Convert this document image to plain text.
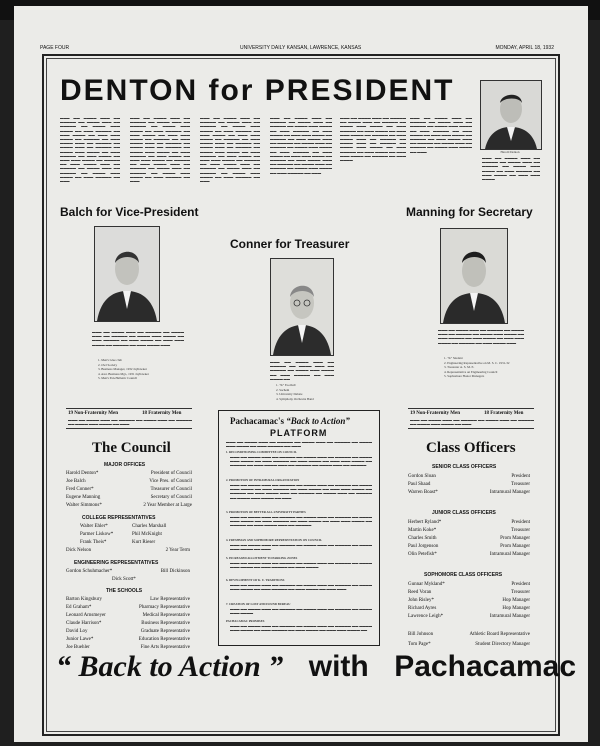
PAGE FOUR	UNIVERSITY DAILY KANSAN, LAWRENCE, KANSAS	MONDAY, APRIL 18, 1932
DENTON for PRESIDENT
▬▬▬ ▬▬ ▬▬▬▬ ▬▬▬ ▬▬ ▬▬▬▬▬ ▬▬ ▬▬▬▬ ▬▬▬ ▬▬ ▬▬▬▬▬ ▬▬ ▬▬▬▬ ▬▬▬ ▬▬▬▬ ▬▬ ▬▬▬ ▬▬▬▬▬ ▬▬ ▬▬▬ ▬▬▬▬ ▬▬ ▬▬▬ ▬▬▬ ▬▬▬▬ ▬▬ ▬▬▬▬▬ ▬▬ ▬▬▬ ▬▬▬▬ ▬▬▬ ▬▬ ▬▬▬▬▬ ▬▬ ▬▬▬▬ ▬▬▬ ▬▬ ▬▬▬▬▬ ▬▬ ▬▬▬▬ ▬▬▬ ▬▬▬▬ ▬▬ ▬▬▬ ▬▬▬▬▬ ▬▬ ▬▬▬ ▬▬▬▬ ▬▬ ▬▬▬ ▬▬▬ ▬▬▬▬ ▬▬ ▬▬▬▬▬ ▬▬ ▬▬▬ ▬▬▬▬ ▬▬▬ ▬▬ ▬▬▬▬▬ ▬▬ ▬▬▬▬ ▬▬▬ ▬▬ ▬▬▬▬▬ ▬▬ ▬▬▬▬ ▬▬▬ ▬▬▬▬ ▬▬ ▬▬▬ ▬▬▬▬▬ ▬▬ ▬▬▬
▬▬▬ ▬▬ ▬▬▬▬ ▬▬▬ ▬▬ ▬▬▬▬▬ ▬▬ ▬▬▬▬ ▬▬▬ ▬▬ ▬▬▬▬▬ ▬▬ ▬▬▬▬ ▬▬▬ ▬▬▬▬ ▬▬ ▬▬▬ ▬▬▬▬▬ ▬▬ ▬▬▬ ▬▬▬▬ ▬▬ ▬▬▬ ▬▬▬ ▬▬▬▬ ▬▬ ▬▬▬▬▬ ▬▬ ▬▬▬ ▬▬▬▬ ▬▬▬ ▬▬ ▬▬▬▬▬ ▬▬ ▬▬▬▬ ▬▬▬ ▬▬ ▬▬▬▬▬ ▬▬ ▬▬▬▬ ▬▬▬ ▬▬▬▬ ▬▬ ▬▬▬ ▬▬▬▬▬ ▬▬ ▬▬▬ ▬▬▬▬ ▬▬ ▬▬▬ ▬▬▬ ▬▬▬▬ ▬▬ ▬▬▬▬▬ ▬▬ ▬▬▬ ▬▬▬▬ ▬▬▬ ▬▬ ▬▬▬▬▬ ▬▬ ▬▬▬▬ ▬▬▬ ▬▬ ▬▬▬▬▬ ▬▬ ▬▬▬▬ ▬▬▬ ▬▬▬▬ ▬▬ ▬▬▬ ▬▬▬▬▬ ▬▬ ▬▬▬
▬▬▬ ▬▬ ▬▬▬▬ ▬▬▬ ▬▬ ▬▬▬▬▬ ▬▬ ▬▬▬▬ ▬▬▬ ▬▬ ▬▬▬▬▬ ▬▬ ▬▬▬▬ ▬▬▬ ▬▬▬▬ ▬▬ ▬▬▬ ▬▬▬▬▬ ▬▬ ▬▬▬ ▬▬▬▬ ▬▬ ▬▬▬ ▬▬▬ ▬▬▬▬ ▬▬ ▬▬▬▬▬ ▬▬ ▬▬▬ ▬▬▬▬ ▬▬▬ ▬▬ ▬▬▬▬▬ ▬▬ ▬▬▬▬ ▬▬▬ ▬▬ ▬▬▬▬▬ ▬▬ ▬▬▬▬ ▬▬▬ ▬▬▬▬ ▬▬ ▬▬▬ ▬▬▬▬▬ ▬▬ ▬▬▬ ▬▬▬▬ ▬▬ ▬▬▬ ▬▬▬ ▬▬▬▬ ▬▬ ▬▬▬▬▬ ▬▬ ▬▬▬ ▬▬▬▬ ▬▬▬ ▬▬ ▬▬▬▬▬ ▬▬ ▬▬▬▬ ▬▬▬ ▬▬ ▬▬▬▬▬ ▬▬ ▬▬▬▬ ▬▬▬ ▬▬▬▬ ▬▬ ▬▬▬ ▬▬▬▬▬ ▬▬ ▬▬▬
▬▬▬ ▬▬ ▬▬▬▬ ▬▬▬ ▬▬ ▬▬▬▬▬ ▬▬ ▬▬▬▬ ▬▬▬ ▬▬ ▬▬▬▬▬ ▬▬ ▬▬▬▬ ▬▬▬ ▬▬▬▬ ▬▬ ▬▬▬ ▬▬▬▬▬ ▬▬ ▬▬▬ ▬▬▬▬ ▬▬ ▬▬▬ ▬▬▬ ▬▬▬▬ ▬▬ ▬▬▬▬▬ ▬▬ ▬▬▬ ▬▬▬▬ ▬▬▬ ▬▬ ▬▬▬▬▬ ▬▬ ▬▬▬▬ ▬▬▬ ▬▬ ▬▬▬▬▬ ▬▬ ▬▬▬▬ ▬▬▬ ▬▬▬▬ ▬▬ ▬▬▬ ▬▬▬▬▬ ▬▬ ▬▬▬ ▬▬▬▬ ▬▬ ▬▬▬ ▬▬▬ ▬▬▬▬ ▬▬ ▬▬▬▬▬ ▬▬ ▬▬▬ ▬▬▬▬ ▬▬▬ ▬▬ ▬▬▬▬▬ ▬▬ ▬▬▬▬ ▬▬▬ ▬▬ ▬▬▬▬▬ ▬▬ ▬▬▬▬ ▬▬▬ ▬▬▬▬ ▬▬ ▬▬▬ ▬▬▬▬▬ ▬▬ ▬▬▬
▬▬▬ ▬▬ ▬▬▬▬ ▬▬▬ ▬▬ ▬▬▬▬▬ ▬▬ ▬▬▬▬ ▬▬▬ ▬▬ ▬▬▬▬▬ ▬▬ ▬▬▬▬ ▬▬▬ ▬▬▬▬ ▬▬ ▬▬▬ ▬▬▬▬▬ ▬▬ ▬▬▬ ▬▬▬▬ ▬▬ ▬▬▬ ▬▬▬ ▬▬▬▬ ▬▬ ▬▬▬▬▬ ▬▬ ▬▬▬ ▬▬▬▬ ▬▬▬ ▬▬ ▬▬▬▬▬ ▬▬ ▬▬▬▬ ▬▬▬ ▬▬ ▬▬▬▬▬ ▬▬ ▬▬▬▬ ▬▬▬ ▬▬▬▬ ▬▬ ▬▬▬ ▬▬▬▬▬ ▬▬ ▬▬▬ ▬▬▬▬ ▬▬ ▬▬▬ ▬▬▬ ▬▬▬▬ ▬▬ ▬▬▬▬▬ ▬▬ ▬▬▬ ▬▬▬▬
▬▬▬ ▬▬ ▬▬▬▬ ▬▬▬ ▬▬ ▬▬▬▬▬ ▬▬ ▬▬▬▬ ▬▬▬ ▬▬ ▬▬▬▬▬ ▬▬ ▬▬▬▬ ▬▬▬ ▬▬▬▬ ▬▬ ▬▬▬ ▬▬▬▬▬ ▬▬ ▬▬▬ ▬▬▬▬ ▬▬ ▬▬▬ ▬▬▬ ▬▬▬▬ ▬▬ ▬▬▬▬▬ ▬▬ ▬▬▬ ▬▬▬▬ ▬▬▬ ▬▬ ▬▬▬▬▬ ▬▬ ▬▬▬▬ ▬▬▬ ▬▬ ▬▬▬▬▬ ▬▬ ▬▬▬▬ ▬▬▬ ▬▬▬▬ ▬▬ ▬▬▬	Harold Denton
▬▬▬ ▬▬ ▬▬▬▬ ▬▬▬ ▬▬ ▬▬▬▬▬ ▬▬ ▬▬▬▬ ▬▬▬ ▬▬ ▬▬▬▬▬ ▬▬ ▬▬▬▬ ▬▬▬ ▬▬▬▬ ▬▬ ▬▬▬ ▬▬▬▬▬ ▬▬ ▬▬▬ ▬▬▬▬ ▬▬ ▬▬▬ ▬▬▬ ▬▬▬▬
Balch for Vice-President
▬▬▬ ▬▬ ▬▬▬▬ ▬▬▬ ▬▬ ▬▬▬▬▬ ▬▬ ▬▬▬▬ ▬▬▬ ▬▬ ▬▬▬▬▬ ▬▬ ▬▬▬▬ ▬▬▬ ▬▬▬▬ ▬▬ ▬▬▬ ▬▬▬▬▬ ▬▬ ▬▬▬ ▬▬▬▬ ▬▬ ▬▬▬ ▬▬▬ ▬▬▬▬ ▬▬ ▬▬▬▬▬ ▬▬ ▬▬▬ ▬▬▬▬ ▬▬▬
1. Men's Glee club
2. Owl Society
3. Business Manager, 1932 Jayhawker
4. Asst. Business Mgr., 1931 Jayhawker
5. Men's Pan-Hellenic Council
Conner for Treasurer
▬▬▬ ▬▬ ▬▬▬▬ ▬▬▬ ▬▬ ▬▬▬▬▬ ▬▬ ▬▬▬▬ ▬▬▬ ▬▬ ▬▬▬▬▬ ▬▬ ▬▬▬▬ ▬▬▬ ▬▬▬▬ ▬▬ ▬▬▬ ▬▬▬▬▬ ▬▬ ▬▬▬ ▬▬▬▬ ▬▬
1. "K" Football
2. Sachem
3. University Debate
4. Symphony Orchestra Band
Manning for Secretary
▬▬▬ ▬▬ ▬▬▬▬ ▬▬▬ ▬▬ ▬▬▬▬▬ ▬▬ ▬▬▬▬ ▬▬▬ ▬▬ ▬▬▬▬▬ ▬▬ ▬▬▬▬ ▬▬▬ ▬▬▬▬ ▬▬ ▬▬▬ ▬▬▬▬▬ ▬▬ ▬▬▬ ▬▬▬▬ ▬▬ ▬▬▬ ▬▬▬ ▬▬▬▬ ▬▬ ▬▬▬▬▬ ▬▬ ▬▬▬ ▬▬▬▬ ▬▬▬
1. "K" Student
2. Engineering Representative on M. S. C. 1931-32
3. Treasurer A. S. M. E.
4. Representative on Engineering Council
5. Sophomore Honor Managers
19 Non-Fraternity Men	18 Fraternity Men
▬▬▬ ▬▬ ▬▬▬▬ ▬▬▬ ▬▬ ▬▬▬▬▬ ▬▬ ▬▬▬▬ ▬▬▬ ▬▬ ▬▬▬▬▬ ▬▬ ▬▬▬▬ ▬▬▬ ▬▬▬▬ ▬▬ ▬▬▬
19 Non-Fraternity Men	18 Fraternity Men
▬▬▬ ▬▬ ▬▬▬▬ ▬▬▬ ▬▬ ▬▬▬▬▬ ▬▬ ▬▬▬▬ ▬▬▬ ▬▬ ▬▬▬▬▬ ▬▬ ▬▬▬▬ ▬▬▬ ▬▬▬▬ ▬▬ ▬▬▬
The Council
MAJOR OFFICES
Harold Denton*	President of Council
Joe Balch	Vice Pres. of Council
Fred Conner*	Treasurer of Council
Eugene Manning	Secretary of Council
Walter Simmons*	2 Year Member at Large
COLLEGE REPRESENTATIVES
Walter Ehler*	Charles Marshall
Parmer Liskow*	Phil McKnight
Frank Theis*	Kurt Rieser
Dick Nelson	2 Year Term
ENGINEERING REPRESENTATIVES
Gordon Schuhmacher*	Bill Dickinson
Dick Scott*
THE SCHOOLS
Barton Kingsbury	Law Representative
Ed Graham*	Pharmacy Representative
Leonard Arnsmeyer	Medical Representative
Claude Harrison*	Business Representative
David Loy	Graduate Representative
Junior Lawe*	Education Representative
Joe Buehler	Fine Arts Representative
Pachacamac's “Back to Action”
PLATFORM
▬▬▬ ▬▬ ▬▬▬▬ ▬▬▬ ▬▬ ▬▬▬▬▬ ▬▬ ▬▬▬▬ ▬▬▬ ▬▬ ▬▬▬▬▬ ▬▬ ▬▬▬▬ ▬▬▬ ▬▬▬▬ ▬▬ ▬▬▬ ▬▬▬▬▬ ▬▬ ▬▬▬
1. RECONDITIONING COMMITTEE ON COUNCIL
▬▬▬ ▬▬ ▬▬▬▬ ▬▬▬ ▬▬ ▬▬▬▬▬ ▬▬ ▬▬▬▬ ▬▬▬ ▬▬ ▬▬▬▬▬ ▬▬ ▬▬▬▬ ▬▬▬ ▬▬▬▬ ▬▬ ▬▬▬ ▬▬▬▬▬ ▬▬ ▬▬▬ ▬▬▬▬ ▬▬ ▬▬▬ ▬▬▬ ▬▬▬▬ ▬▬ ▬▬▬▬▬ ▬▬ ▬▬▬ ▬▬▬▬ ▬▬▬ ▬▬ ▬▬▬▬▬ ▬▬ ▬▬▬▬ ▬▬▬ ▬▬ ▬▬▬▬▬
2. PROMOTION OF INTRAMURAL ORGANIZATION
▬▬▬ ▬▬ ▬▬▬▬ ▬▬▬ ▬▬ ▬▬▬▬▬ ▬▬ ▬▬▬▬ ▬▬▬ ▬▬ ▬▬▬▬▬ ▬▬ ▬▬▬▬ ▬▬▬ ▬▬▬▬ ▬▬ ▬▬▬ ▬▬▬▬▬ ▬▬ ▬▬▬ ▬▬▬▬ ▬▬ ▬▬▬ ▬▬▬ ▬▬▬▬ ▬▬ ▬▬▬▬▬ ▬▬ ▬▬▬ ▬▬▬▬ ▬▬▬ ▬▬ ▬▬▬▬▬ ▬▬ ▬▬▬▬ ▬▬▬ ▬▬ ▬▬▬▬▬ ▬▬ ▬▬▬▬ ▬▬▬ ▬▬▬▬ ▬▬ ▬▬▬
3. PROMOTION OF BETTER ALL-UNIVERSITY PARTIES
▬▬▬ ▬▬ ▬▬▬▬ ▬▬▬ ▬▬ ▬▬▬▬▬ ▬▬ ▬▬▬▬ ▬▬▬ ▬▬ ▬▬▬▬▬ ▬▬ ▬▬▬▬ ▬▬▬ ▬▬▬▬ ▬▬ ▬▬▬ ▬▬▬▬▬ ▬▬ ▬▬▬ ▬▬▬▬ ▬▬ ▬▬▬ ▬▬▬ ▬▬▬▬ ▬▬ ▬▬▬▬▬ ▬▬ ▬▬▬ ▬▬▬▬ ▬▬▬ ▬▬ ▬▬▬▬▬
4. FRESHMAN AND SOPHOMORE REPRESENTATION ON COUNCIL
▬▬▬ ▬▬ ▬▬▬▬ ▬▬▬ ▬▬ ▬▬▬▬▬ ▬▬ ▬▬▬▬ ▬▬▬ ▬▬ ▬▬▬▬▬ ▬▬ ▬▬▬▬ ▬▬▬ ▬▬▬▬ ▬▬ ▬▬▬
5. INCREASED ALLOTMENT TO PARKING ZONES
▬▬▬ ▬▬ ▬▬▬▬ ▬▬▬ ▬▬ ▬▬▬▬▬ ▬▬ ▬▬▬▬ ▬▬▬ ▬▬ ▬▬▬▬▬ ▬▬ ▬▬▬▬ ▬▬▬ ▬▬▬▬ ▬▬ ▬▬▬ ▬▬▬▬▬ ▬▬ ▬▬▬ ▬▬▬▬
6. DEVELOPMENT OF K. U. TRADITIONS
▬▬▬ ▬▬ ▬▬▬▬ ▬▬▬ ▬▬ ▬▬▬▬▬ ▬▬ ▬▬▬▬ ▬▬▬ ▬▬ ▬▬▬▬▬ ▬▬ ▬▬▬▬ ▬▬▬ ▬▬▬▬ ▬▬ ▬▬▬ ▬▬▬▬▬ ▬▬ ▬▬▬ ▬▬▬▬ ▬▬ ▬▬▬ ▬▬▬
7. CREATION OF LOST AND FOUND BUREAU
▬▬▬ ▬▬ ▬▬▬▬ ▬▬▬ ▬▬ ▬▬▬▬▬ ▬▬ ▬▬▬▬ ▬▬▬ ▬▬ ▬▬▬▬▬ ▬▬ ▬▬▬▬ ▬▬▬ ▬▬▬▬
PACHACAMAC PROMISES
▬▬▬ ▬▬ ▬▬▬▬ ▬▬▬ ▬▬ ▬▬▬▬▬ ▬▬ ▬▬▬▬ ▬▬▬ ▬▬ ▬▬▬▬▬ ▬▬ ▬▬▬▬ ▬▬▬ ▬▬▬▬ ▬▬ ▬▬▬ ▬▬▬▬▬ ▬▬ ▬▬▬ ▬▬▬▬ ▬▬ ▬▬▬ ▬▬▬ ▬▬▬▬ ▬▬
Class Officers
SENIOR CLASS OFFICERS
Gordon Sloan	President
Paul Shaad	Treasurer
Warren Boast*	Intramural Manager
JUNIOR CLASS OFFICERS
Herbert Ryland*	President
Martin Koke*	Treasurer
Charles Smith	Prom Manager
Paul Jorgenson	Prom Manager
Olin Petefish*	Intramural Manager
SOPHOMORE CLASS OFFICERS
Gunnar Mykland*	President
Reed Voran	Treasurer
John Risley*	Hop Manager
Richard Ayres	Hop Manager
Lawrence Leigh*	Intramural Manager
Bill Johnson	Athletic Board Representative
Tom Page*	Student Directory Manager
“ Back to Action ” with Pachacamac
